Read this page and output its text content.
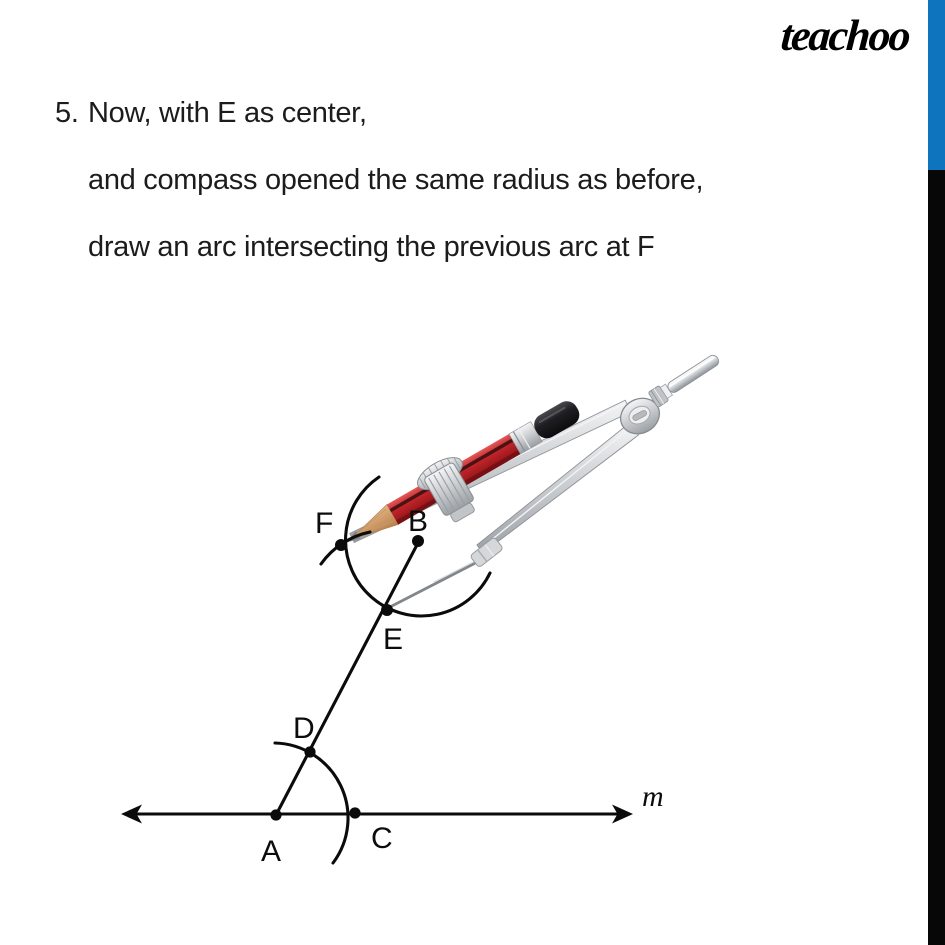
teachoo
5. Now, with E as center,
and compass opened the same radius as before,
draw an arc intersecting the previous arc at F
F B
E
D
A	C
m
